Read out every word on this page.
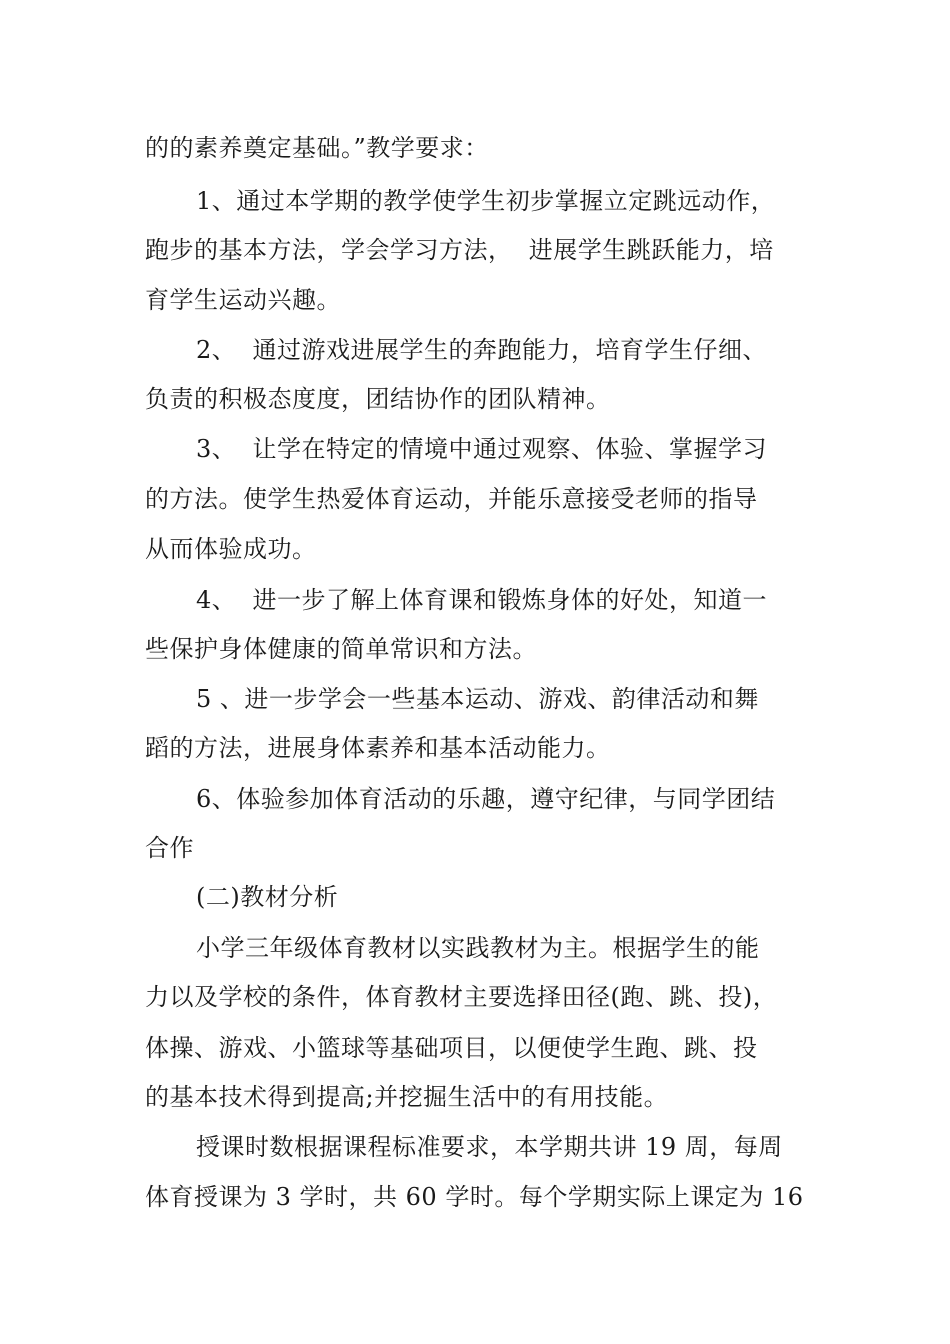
的的素养奠定基础。”教学要求：
1、通过本学期的教学使学生初步掌握立定跳远动作，
跑步的基本方法，学会学习方法，  进展学生跳跃能力，培
育学生运动兴趣。
2、  通过游戏进展学生的奔跑能力，培育学生仔细、
负责的积极态度度，团结协作的团队精神。
3、  让学在特定的情境中通过观察、体验、掌握学习
的方法。使学生热爱体育运动，并能乐意接受老师的指导
从而体验成功。
4、  进一步了解上体育课和锻炼身体的好处，知道一
些保护身体健康的简单常识和方法。
5 、进一步学会一些基本运动、游戏、韵律活动和舞
蹈的方法，进展身体素养和基本活动能力。
6、体验参加体育活动的乐趣，遵守纪律，与同学团结
合作
(二)教材分析
小学三年级体育教材以实践教材为主。根据学生的能
力以及学校的条件，体育教材主要选择田径(跑、跳、投)，
体操、游戏、小篮球等基础项目，以便使学生跑、跳、投
的基本技术得到提高;并挖掘生活中的有用技能。
授课时数根据课程标准要求，本学期共讲 19 周，每周
体育授课为 3 学时，共 60 学时。每个学期实际上课定为 16
